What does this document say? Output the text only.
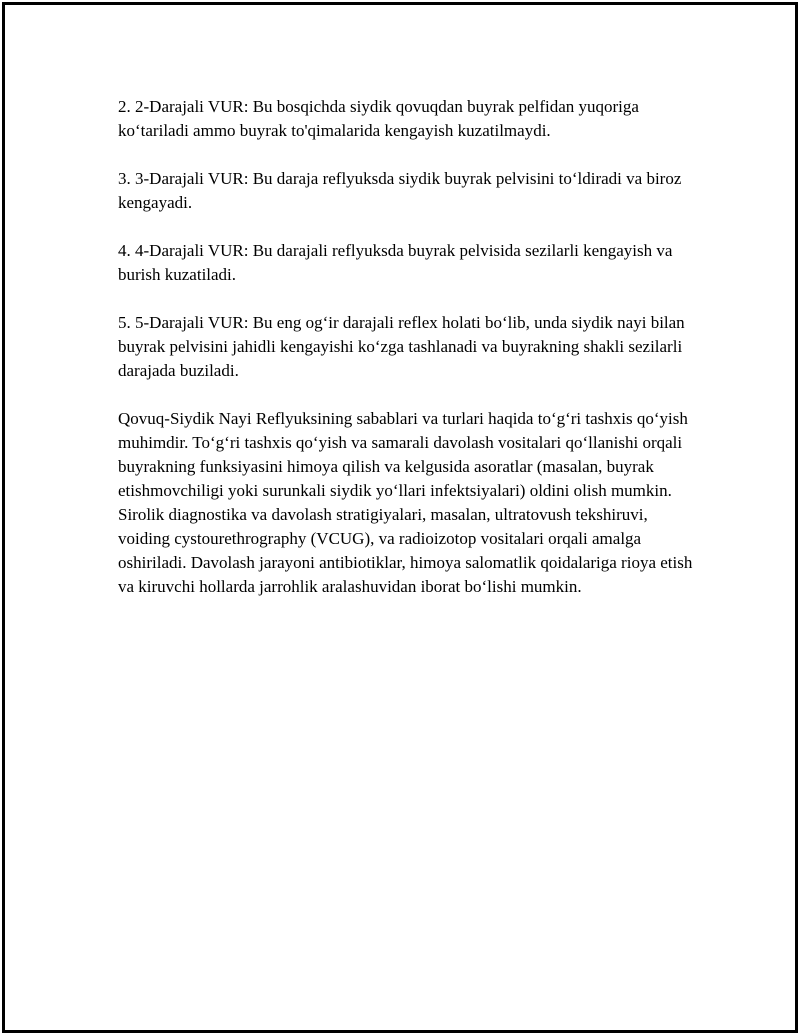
2. 2-Darajali VUR: Bu bosqichda siydik qovuqdan buyrak pelfidan yuqoriga ko‘tariladi ammo buyrak to'qimalarida kengayish kuzatilmaydi.

3. 3-Darajali VUR: Bu daraja reflyuksda siydik buyrak pelvisini to‘ldiradi va biroz kengayadi.

4. 4-Darajali VUR: Bu darajali reflyuksda buyrak pelvisida sezilarli kengayish va burish kuzatiladi.

5. 5-Darajali VUR: Bu eng og‘ir darajali reflex holati bo‘lib, unda siydik nayi bilan buyrak pelvisini jahidli kengayishi ko‘zga tashlanadi va buyrakning shakli sezilarli darajada buziladi.

Qovuq-Siydik Nayi Reflyuksining sabablari va turlari haqida to‘g‘ri tashxis qo‘yish muhimdir. To‘g‘ri tashxis qo‘yish va samarali davolash vositalari qo‘llanishi orqali buyrakning funksiyasini himoya qilish va kelgusida asoratlar (masalan, buyrak etishmovchiligi yoki surunkali siydik yo‘llari infektsiyalari) oldini olish mumkin. Sirolik diagnostika va davolash stratigiyalari, masalan, ultratovush tekshiruvi, voiding cystourethrography (VCUG), va radioizotop vositalari orqali amalga oshiriladi. Davolash jarayoni antibiotiklar, himoya salomatlik qoidalariga rioya etish va kiruvchi hollarda jarrohlik aralashuvidan iborat bo‘lishi mumkin.
